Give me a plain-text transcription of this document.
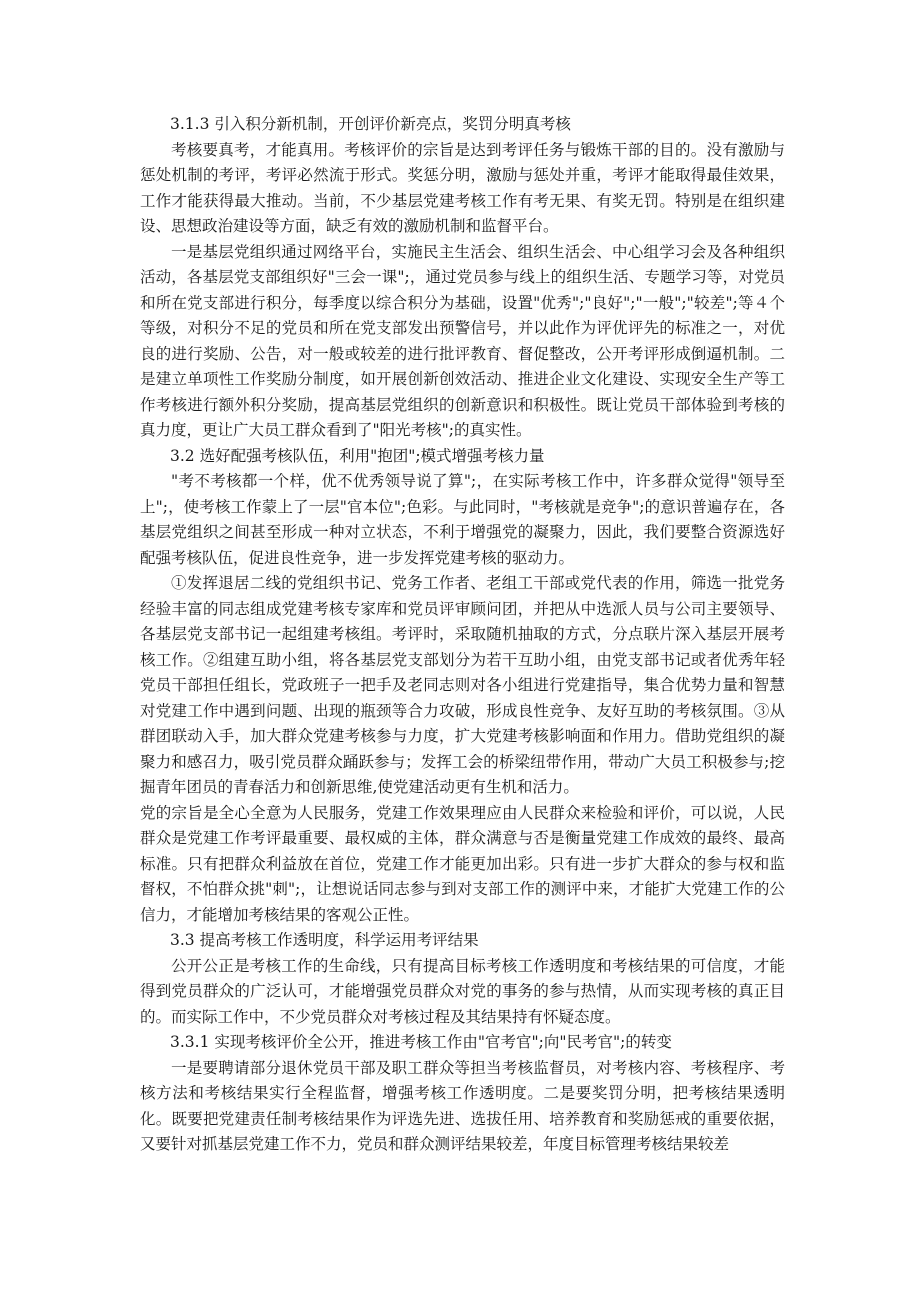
3.1.3 引入积分新机制，开创评价新亮点，奖罚分明真考核

考核要真考，才能真用。考核评价的宗旨是达到考评任务与锻炼干部的目的。没有激励与惩处机制的考评，考评必然流于形式。奖惩分明，激励与惩处并重，考评才能取得最佳效果，工作才能获得最大推动。当前，不少基层党建考核工作有考无果、有奖无罚。特别是在组织建设、思想政治建设等方面，缺乏有效的激励机制和监督平台。

一是基层党组织通过网络平台，实施民主生活会、组织生活会、中心组学习会及各种组织活动，各基层党支部组织好"三会一课";，通过党员参与线上的组织生活、专题学习等，对党员和所在党支部进行积分，每季度以综合积分为基础，设置"优秀";"良好";"一般";"较差";等４个等级，对积分不足的党员和所在党支部发出预警信号，并以此作为评优评先的标准之一，对优良的进行奖励、公告，对一般或较差的进行批评教育、督促整改，公开考评形成倒逼机制。二是建立单项性工作奖励分制度，如开展创新创效活动、推进企业文化建设、实现安全生产等工作考核进行额外积分奖励，提高基层党组织的创新意识和积极性。既让党员干部体验到考核的真力度，更让广大员工群众看到了"阳光考核";的真实性。

3.2 选好配强考核队伍，利用"抱团";模式增强考核力量

"考不考核都一个样，优不优秀领导说了算";，在实际考核工作中，许多群众觉得"领导至上";，使考核工作蒙上了一层"官本位";色彩。与此同时，"考核就是竞争";的意识普遍存在，各基层党组织之间甚至形成一种对立状态，不利于增强党的凝聚力，因此，我们要整合资源选好配强考核队伍，促进良性竞争，进一步发挥党建考核的驱动力。

①发挥退居二线的党组织书记、党务工作者、老组工干部或党代表的作用，筛选一批党务经验丰富的同志组成党建考核专家库和党员评审顾问团，并把从中选派人员与公司主要领导、各基层党支部书记一起组建考核组。考评时，采取随机抽取的方式，分点联片深入基层开展考核工作。②组建互助小组，将各基层党支部划分为若干互助小组，由党支部书记或者优秀年轻党员干部担任组长，党政班子一把手及老同志则对各小组进行党建指导，集合优势力量和智慧对党建工作中遇到问题、出现的瓶颈等合力攻破，形成良性竞争、友好互助的考核氛围。③从群团联动入手，加大群众党建考核参与力度，扩大党建考核影响面和作用力。借助党组织的凝聚力和感召力，吸引党员群众踊跃参与；发挥工会的桥梁纽带作用，带动广大员工积极参与;挖掘青年团员的青春活力和创新思维,使党建活动更有生机和活力。

党的宗旨是全心全意为人民服务，党建工作效果理应由人民群众来检验和评价，可以说，人民群众是党建工作考评最重要、最权威的主体，群众满意与否是衡量党建工作成效的最终、最高标准。只有把群众利益放在首位，党建工作才能更加出彩。只有进一步扩大群众的参与权和监督权，不怕群众挑"刺";，让想说话同志参与到对支部工作的测评中来，才能扩大党建工作的公信力，才能增加考核结果的客观公正性。

3.3 提高考核工作透明度，科学运用考评结果

公开公正是考核工作的生命线，只有提高目标考核工作透明度和考核结果的可信度，才能得到党员群众的广泛认可，才能增强党员群众对党的事务的参与热情，从而实现考核的真正目的。而实际工作中，不少党员群众对考核过程及其结果持有怀疑态度。

3.3.1 实现考核评价全公开，推进考核工作由"官考官";向"民考官";的转变

一是要聘请部分退休党员干部及职工群众等担当考核监督员，对考核内容、考核程序、考核方法和考核结果实行全程监督，增强考核工作透明度。二是要奖罚分明，把考核结果透明化。既要把党建责任制考核结果作为评选先进、选拔任用、培养教育和奖励惩戒的重要依据，又要针对抓基层党建工作不力，党员和群众测评结果较差，年度目标管理考核结果较差
